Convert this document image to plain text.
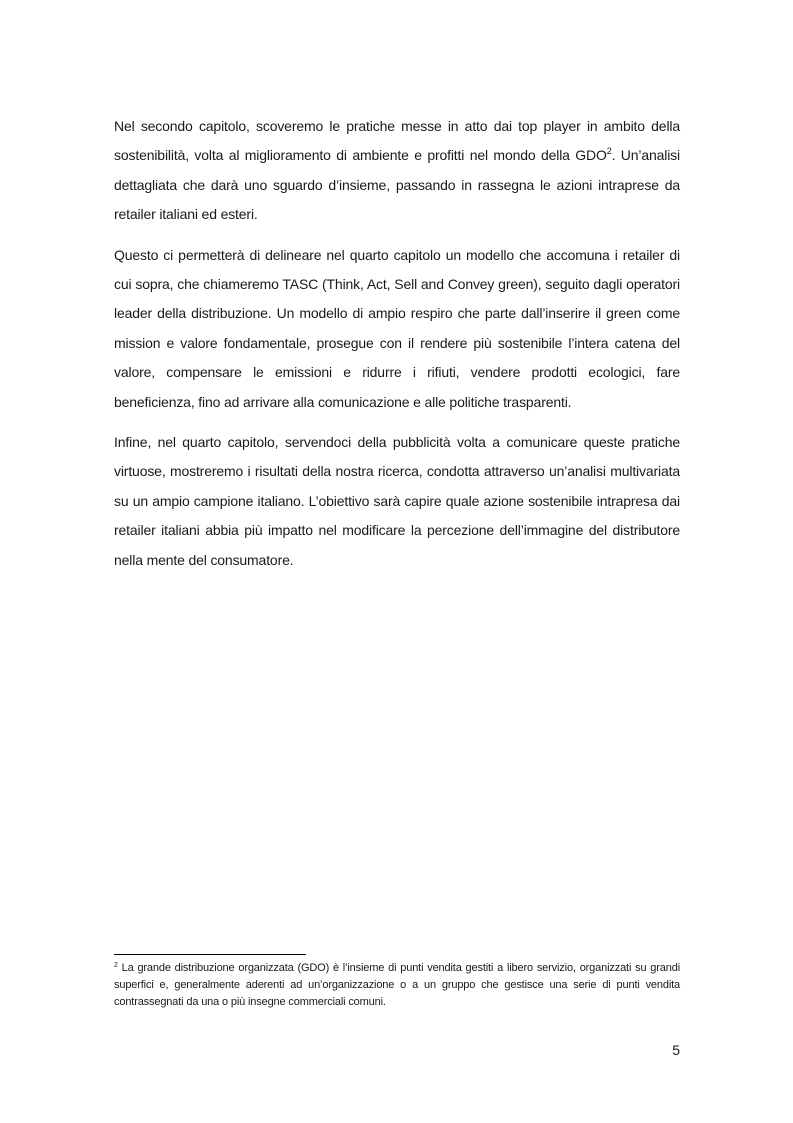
Nel secondo capitolo, scoveremo le pratiche messe in atto dai top player in ambito della sostenibilità, volta al miglioramento di ambiente e profitti nel mondo della GDO$^2$. Un’analisi dettagliata che darà uno sguardo d’insieme, passando in rassegna le azioni intraprese da retailer italiani ed esteri.

Questo ci permetterà di delineare nel quarto capitolo un modello che accomuna i retailer di cui sopra, che chiameremo TASC (Think, Act, Sell and Convey green), seguito dagli operatori leader della distribuzione. Un modello di ampio respiro che parte dall’inserire il green come mission e valore fondamentale, prosegue con il rendere più sostenibile l’intera catena del valore, compensare le emissioni e ridurre i rifiuti, vendere prodotti ecologici, fare beneficienza, fino ad arrivare alla comunicazione e alle politiche trasparenti.

Infine, nel quarto capitolo, servendoci della pubblicità volta a comunicare queste pratiche virtuose, mostreremo i risultati della nostra ricerca, condotta attraverso un’analisi multivariata su un ampio campione italiano. L’obiettivo sarà capire quale azione sostenibile intrapresa dai retailer italiani abbia più impatto nel modificare la percezione dell’immagine del distributore nella mente del consumatore.

$^2$ La grande distribuzione organizzata (GDO) è l’insieme di punti vendita gestiti a libero servizio, organizzati su grandi superfici e, generalmente aderenti ad un’organizzazione o a un gruppo che gestisce una serie di punti vendita contrassegnati da una o più insegne commerciali comuni.

5
